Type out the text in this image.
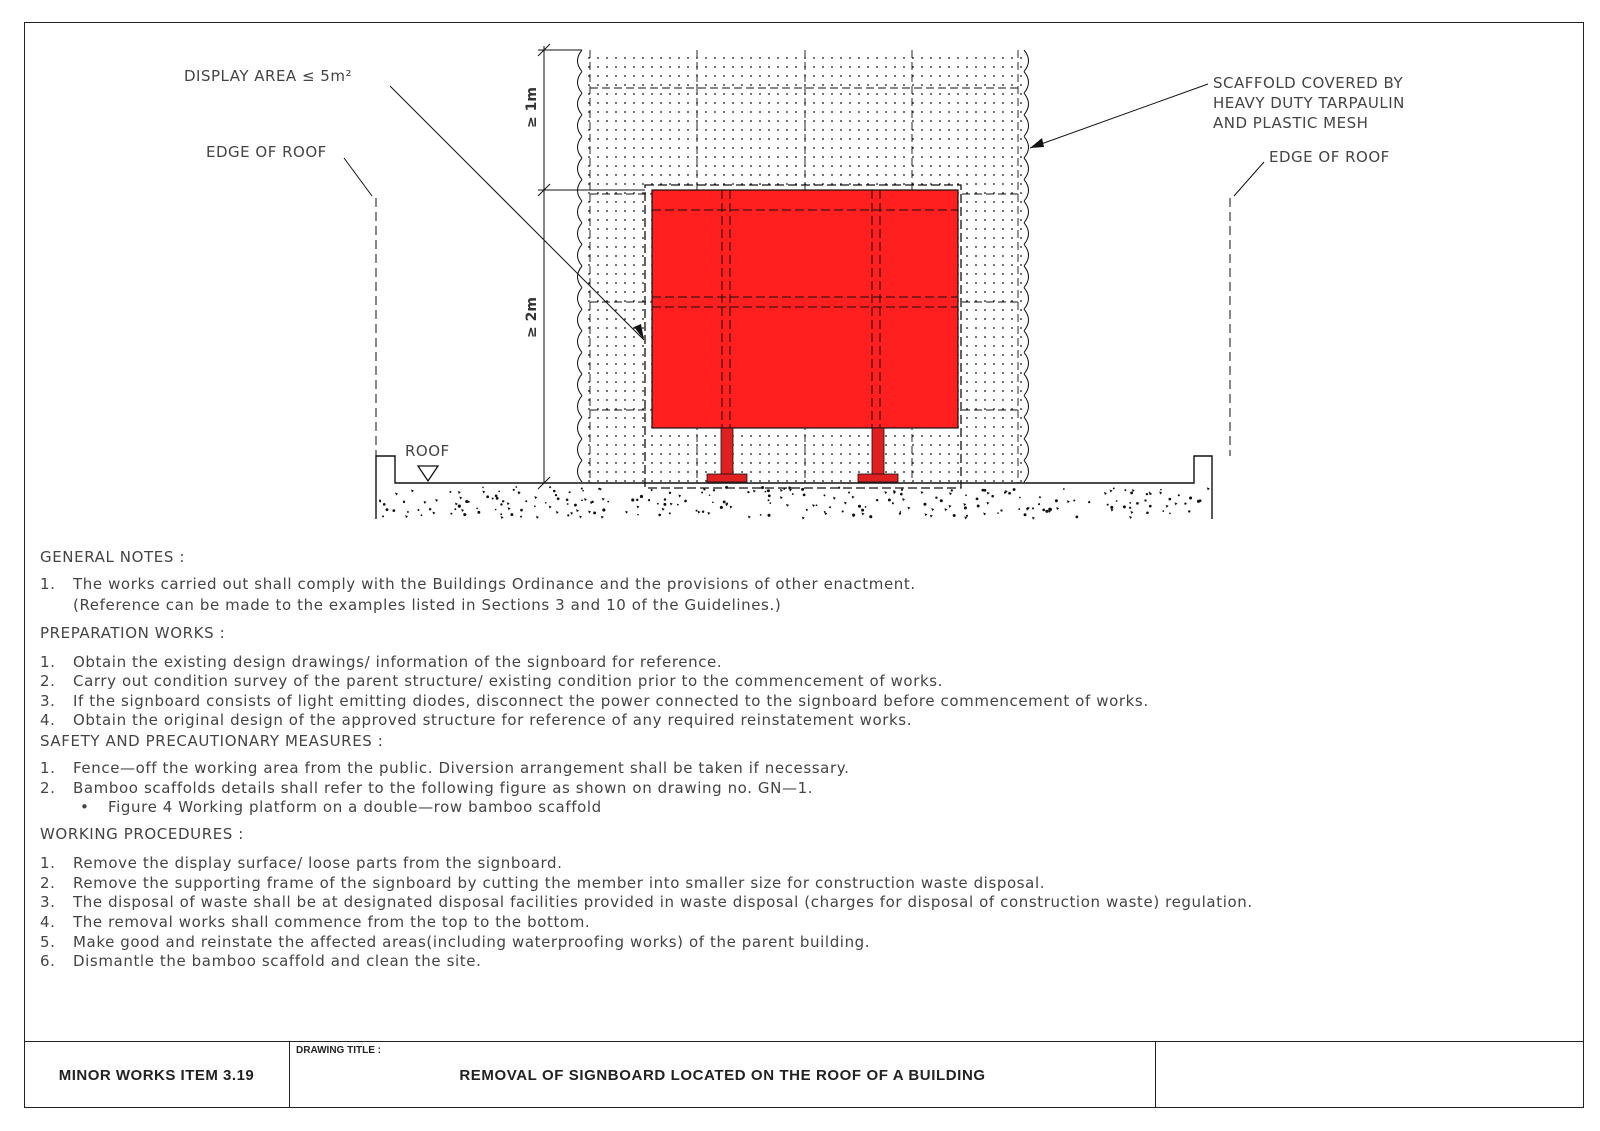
≥ 1m
≥ 2m
DISPLAY AREA ≤ 5m²
EDGE OF ROOF	EDGE OF ROOF
SCAFFOLD COVERED BY
HEAVY DUTY TARPAULIN
AND PLASTIC MESH
ROOF
GENERAL NOTES :
1.	The works carried out shall comply with the Buildings Ordinance and the provisions of other enactment.
(Reference can be made to the examples listed in Sections 3 and 10 of the Guidelines.)
PREPARATION WORKS :
1.	Obtain the existing design drawings/ information of the signboard for reference.
2.	Carry out condition survey of the parent structure/ existing condition prior to the commencement of works.
3.	If the signboard consists of light emitting diodes, disconnect the power connected to the signboard before commencement of works.
4.	Obtain the original design of the approved structure for reference of any required reinstatement works.
SAFETY AND PRECAUTIONARY MEASURES :
1.	Fence—off the working area from the public. Diversion arrangement shall be taken if necessary.
2.	Bamboo scaffolds details shall refer to the following figure as shown on drawing no. GN—1.
• Figure 4 Working platform on a double—row bamboo scaffold
WORKING PROCEDURES :
1.	Remove the display surface/ loose parts from the signboard.
2.	Remove the supporting frame of the signboard by cutting the member into smaller size for construction waste disposal.
3.	The disposal of waste shall be at designated disposal facilities provided in waste disposal (charges for disposal of construction waste) regulation.
4.	The removal works shall commence from the top to the bottom.
5.	Make good and reinstate the affected areas(including waterproofing works) of the parent building.
6.	Dismantle the bamboo scaffold and clean the site.
MINOR WORKS ITEM 3.19
DRAWING TITLE :
REMOVAL OF SIGNBOARD LOCATED ON THE ROOF OF A BUILDING
